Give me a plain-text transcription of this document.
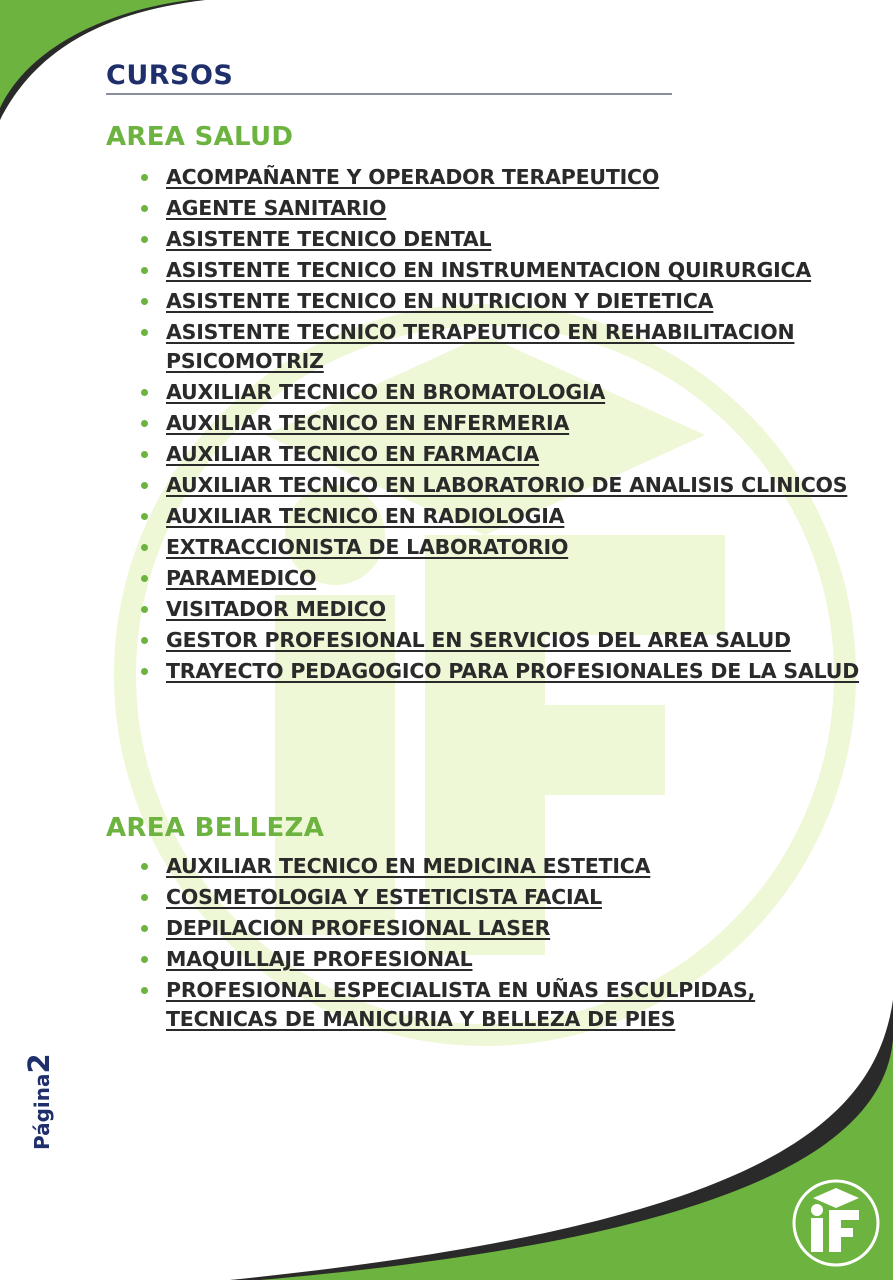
CURSOS
AREA SALUD
ACOMPAÑANTE Y OPERADOR TERAPEUTICO
AGENTE SANITARIO
ASISTENTE TECNICO DENTAL
ASISTENTE TECNICO EN INSTRUMENTACION QUIRURGICA
ASISTENTE TECNICO EN NUTRICION Y DIETETICA
ASISTENTE TECNICO TERAPEUTICO EN REHABILITACION PSICOMOTRIZ
AUXILIAR TECNICO EN BROMATOLOGIA
AUXILIAR TECNICO EN ENFERMERIA
AUXILIAR TECNICO EN FARMACIA
AUXILIAR TECNICO EN LABORATORIO DE ANALISIS CLINICOS
AUXILIAR TECNICO EN RADIOLOGIA
EXTRACCIONISTA DE LABORATORIO
PARAMEDICO
VISITADOR MEDICO
GESTOR PROFESIONAL EN SERVICIOS DEL AREA SALUD
TRAYECTO PEDAGOGICO PARA PROFESIONALES DE LA SALUD
AREA BELLEZA
AUXILIAR TECNICO EN MEDICINA ESTETICA
COSMETOLOGIA Y ESTETICISTA FACIAL
DEPILACION PROFESIONAL LASER
MAQUILLAJE PROFESIONAL
PROFESIONAL ESPECIALISTA EN UÑAS ESCULPIDAS, TECNICAS DE MANICURIA Y BELLEZA DE PIES
Página2
